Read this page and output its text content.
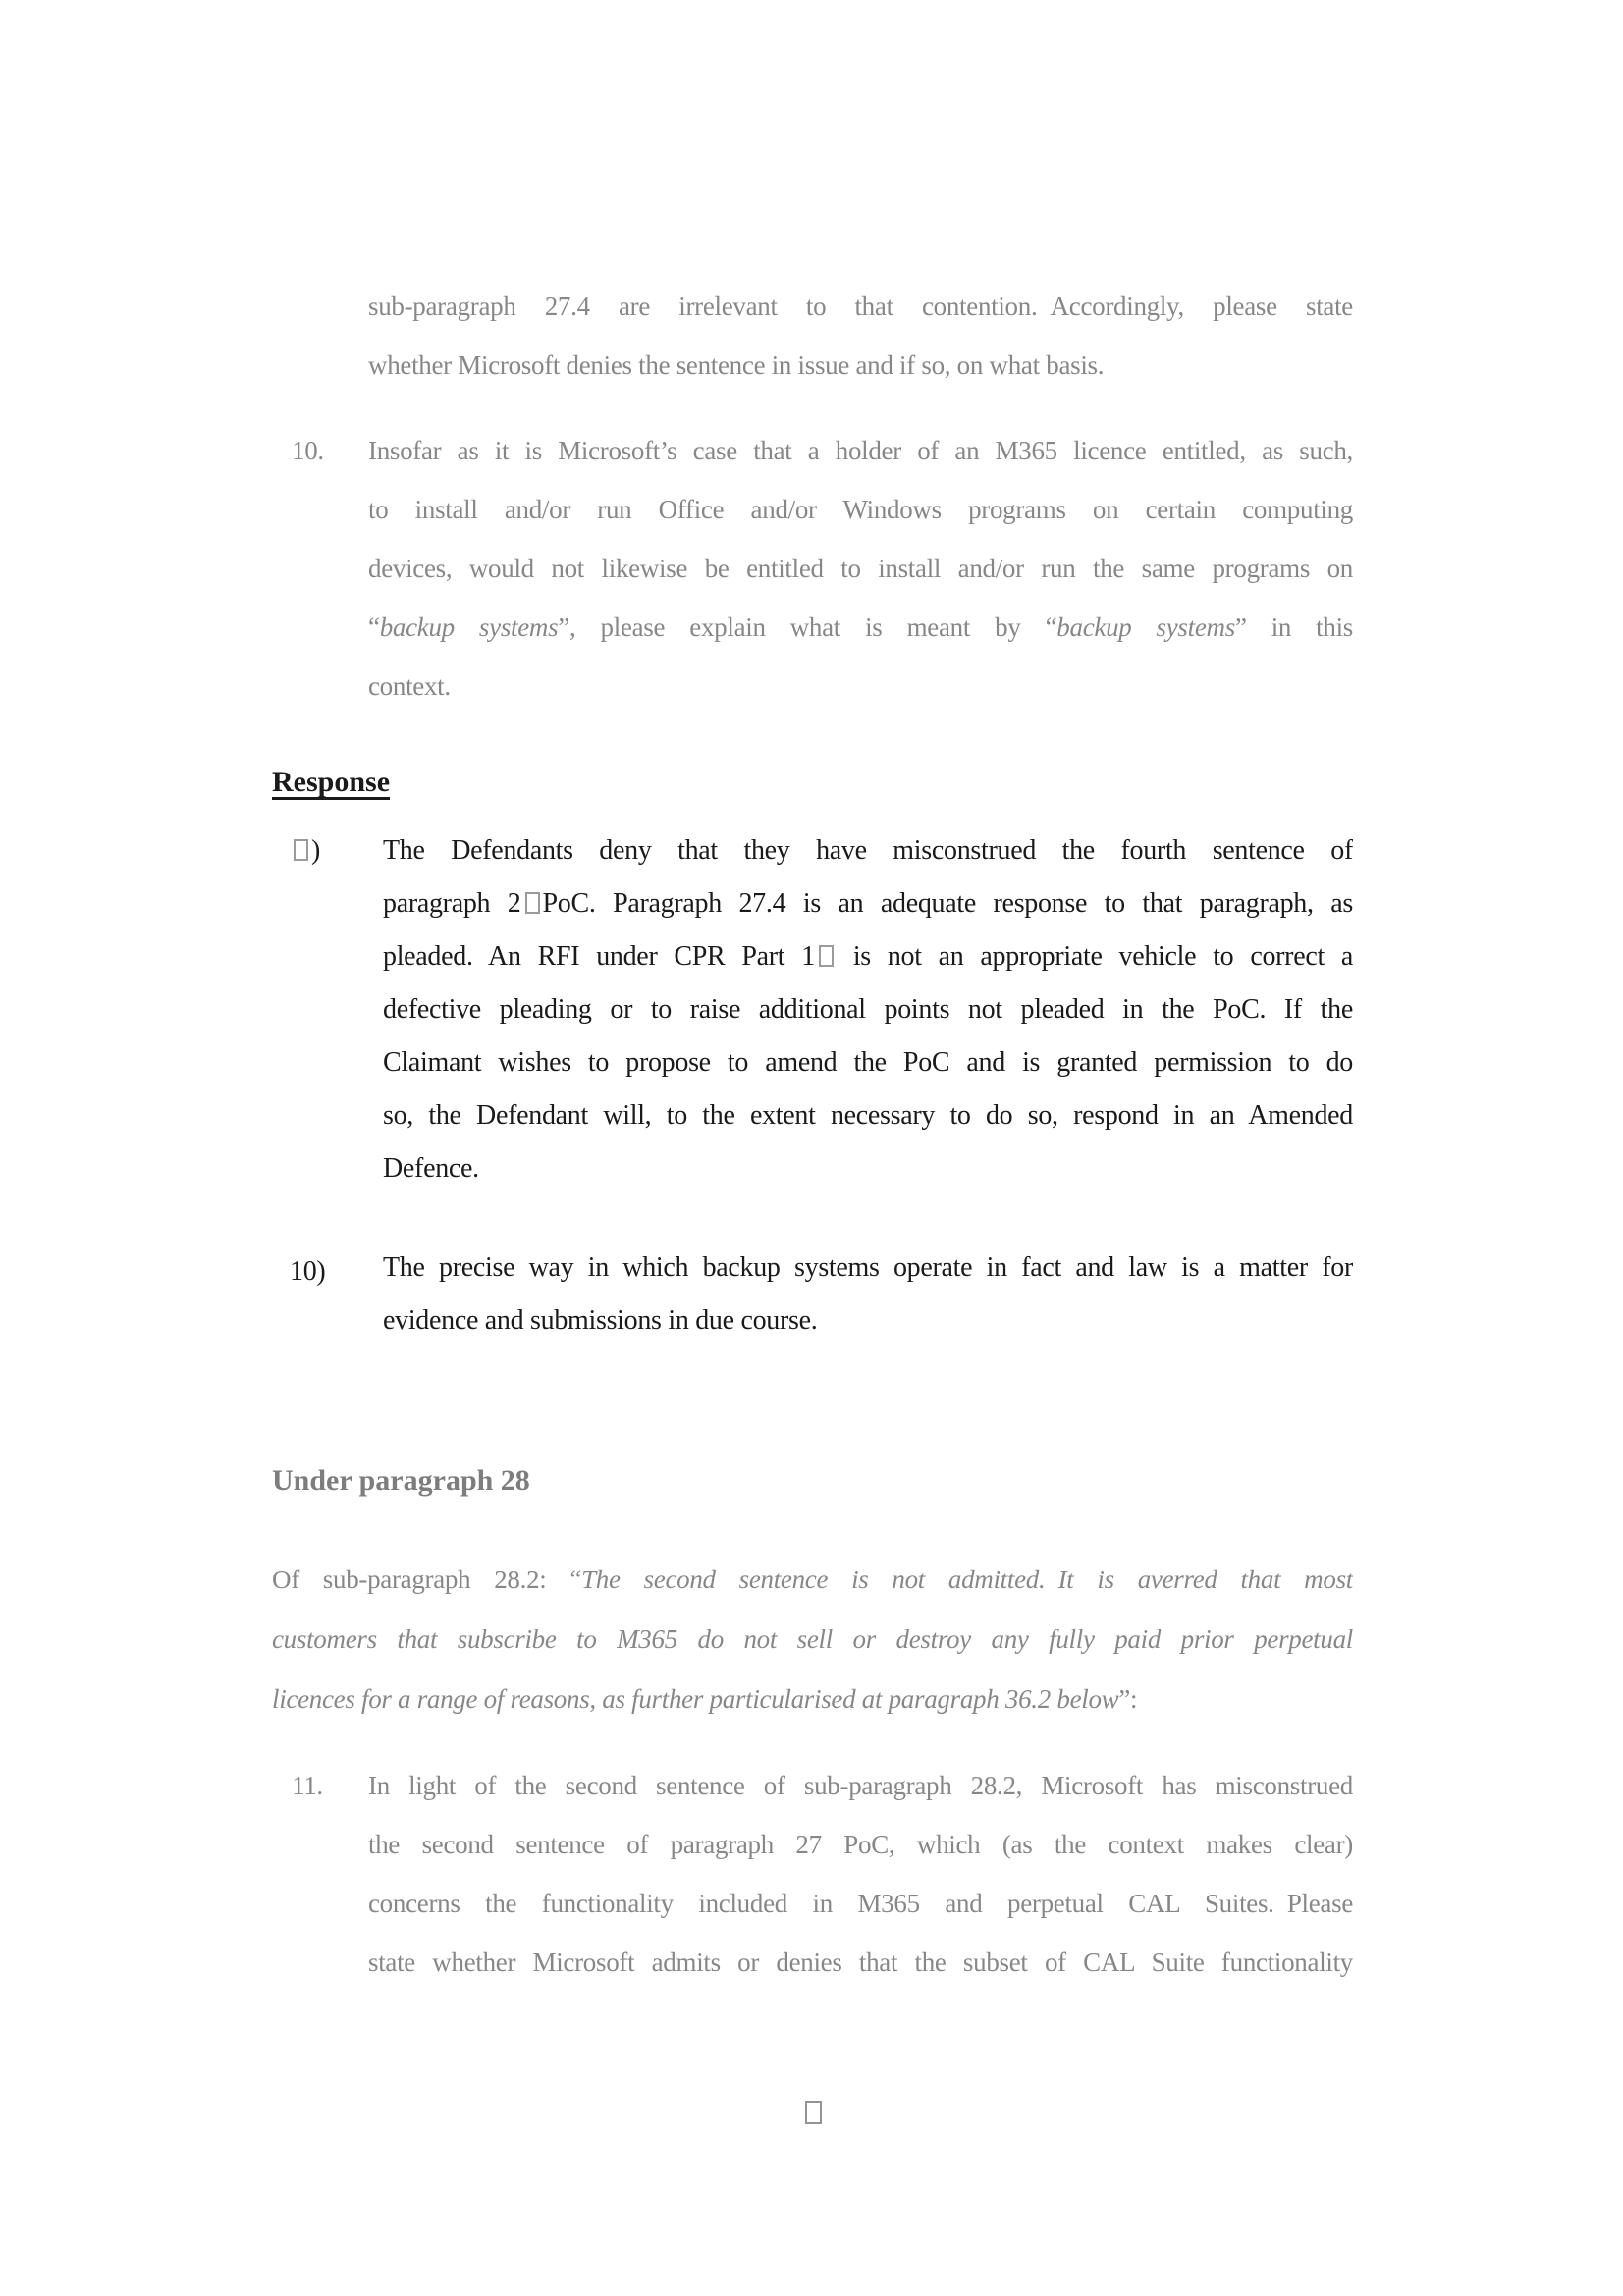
sub-paragraph 27.4 are irrelevant to that contention. Accordingly, please state
whether Microsoft denies the sentence in issue and if so, on what basis.
10. Insofar as it is Microsoft’s case that a holder of an M365 licence entitled, as such,
to install and/or run Office and/or Windows programs on certain computing
devices, would not likewise be entitled to install and/or run the same programs on
“backup systems”, please explain what is meant by “backup systems” in this
context.
Response
)	The Defendants deny that they have misconstrued the fourth sentence of
paragraph 2 PoC. Paragraph 27.4 is an adequate response to that paragraph, as
pleaded. An RFI under CPR Part 1 is not an appropriate vehicle to correct a
defective pleading or to raise additional points not pleaded in the PoC. If the
Claimant wishes to propose to amend the PoC and is granted permission to do
so, the Defendant will, to the extent necessary to do so, respond in an Amended
Defence.
10) The precise way in which backup systems operate in fact and law is a matter for
evidence and submissions in due course.
Under paragraph 28
Of sub-paragraph 28.2: “The second sentence is not admitted. It is averred that most
customers that subscribe to M365 do not sell or destroy any fully paid prior perpetual
licences for a range of reasons, as further particularised at paragraph 36.2 below”:
11. In light of the second sentence of sub-paragraph 28.2, Microsoft has misconstrued
the second sentence of paragraph 27 PoC, which (as the context makes clear)
concerns the functionality included in M365 and perpetual CAL Suites. Please
state whether Microsoft admits or denies that the subset of CAL Suite functionality
